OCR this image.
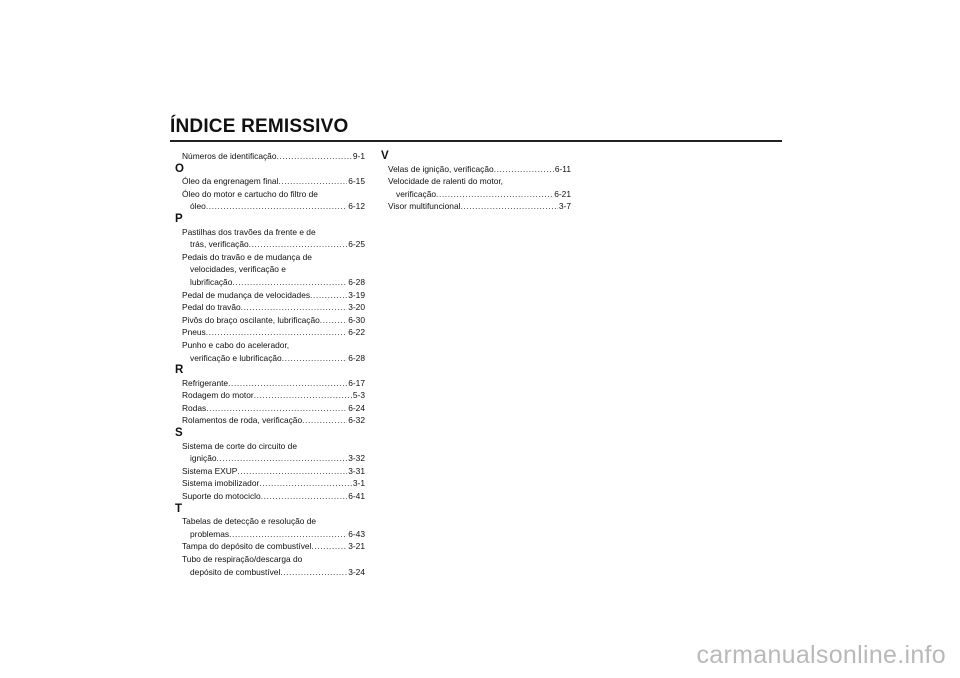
ÍNDICE REMISSIVO
Números de identificação .....	9-1
O
Óleo da engrenagem final .....	6-15
Óleo do motor e cartucho do filtro de
óleo .....	6-12
P
Pastilhas dos travões da frente e de
trás, verificação .....	6-25
Pedais do travão e de mudança de
velocidades, verificação e
lubrificação .....	6-28
Pedal de mudança de velocidades .....	3-19
Pedal do travão .....	3-20
Pivôs do braço oscilante, lubrificação .....	6-30
Pneus .....	6-22
Punho e cabo do acelerador,
verificação e lubrificação .....	6-28
R
Refrigerante .....	6-17
Rodagem do motor .....	5-3
Rodas .....	6-24
Rolamentos de roda, verificação .....	6-32
S
Sistema de corte do circuito de
ignição .....	3-32
Sistema EXUP .....	3-31
Sistema imobilizador .....	3-1
Suporte do motociclo .....	6-41
T
Tabelas de detecção e resolução de
problemas .....	6-43
Tampa do depósito de combustível .....	3-21
Tubo de respiração/descarga do
depósito de combustível .....	3-24
V
Velas de ignição, verificação .....	6-11
Velocidade de ralenti do motor,
verificação .....	6-21
Visor multifuncional .....	3-7
carmanualsonline.info
